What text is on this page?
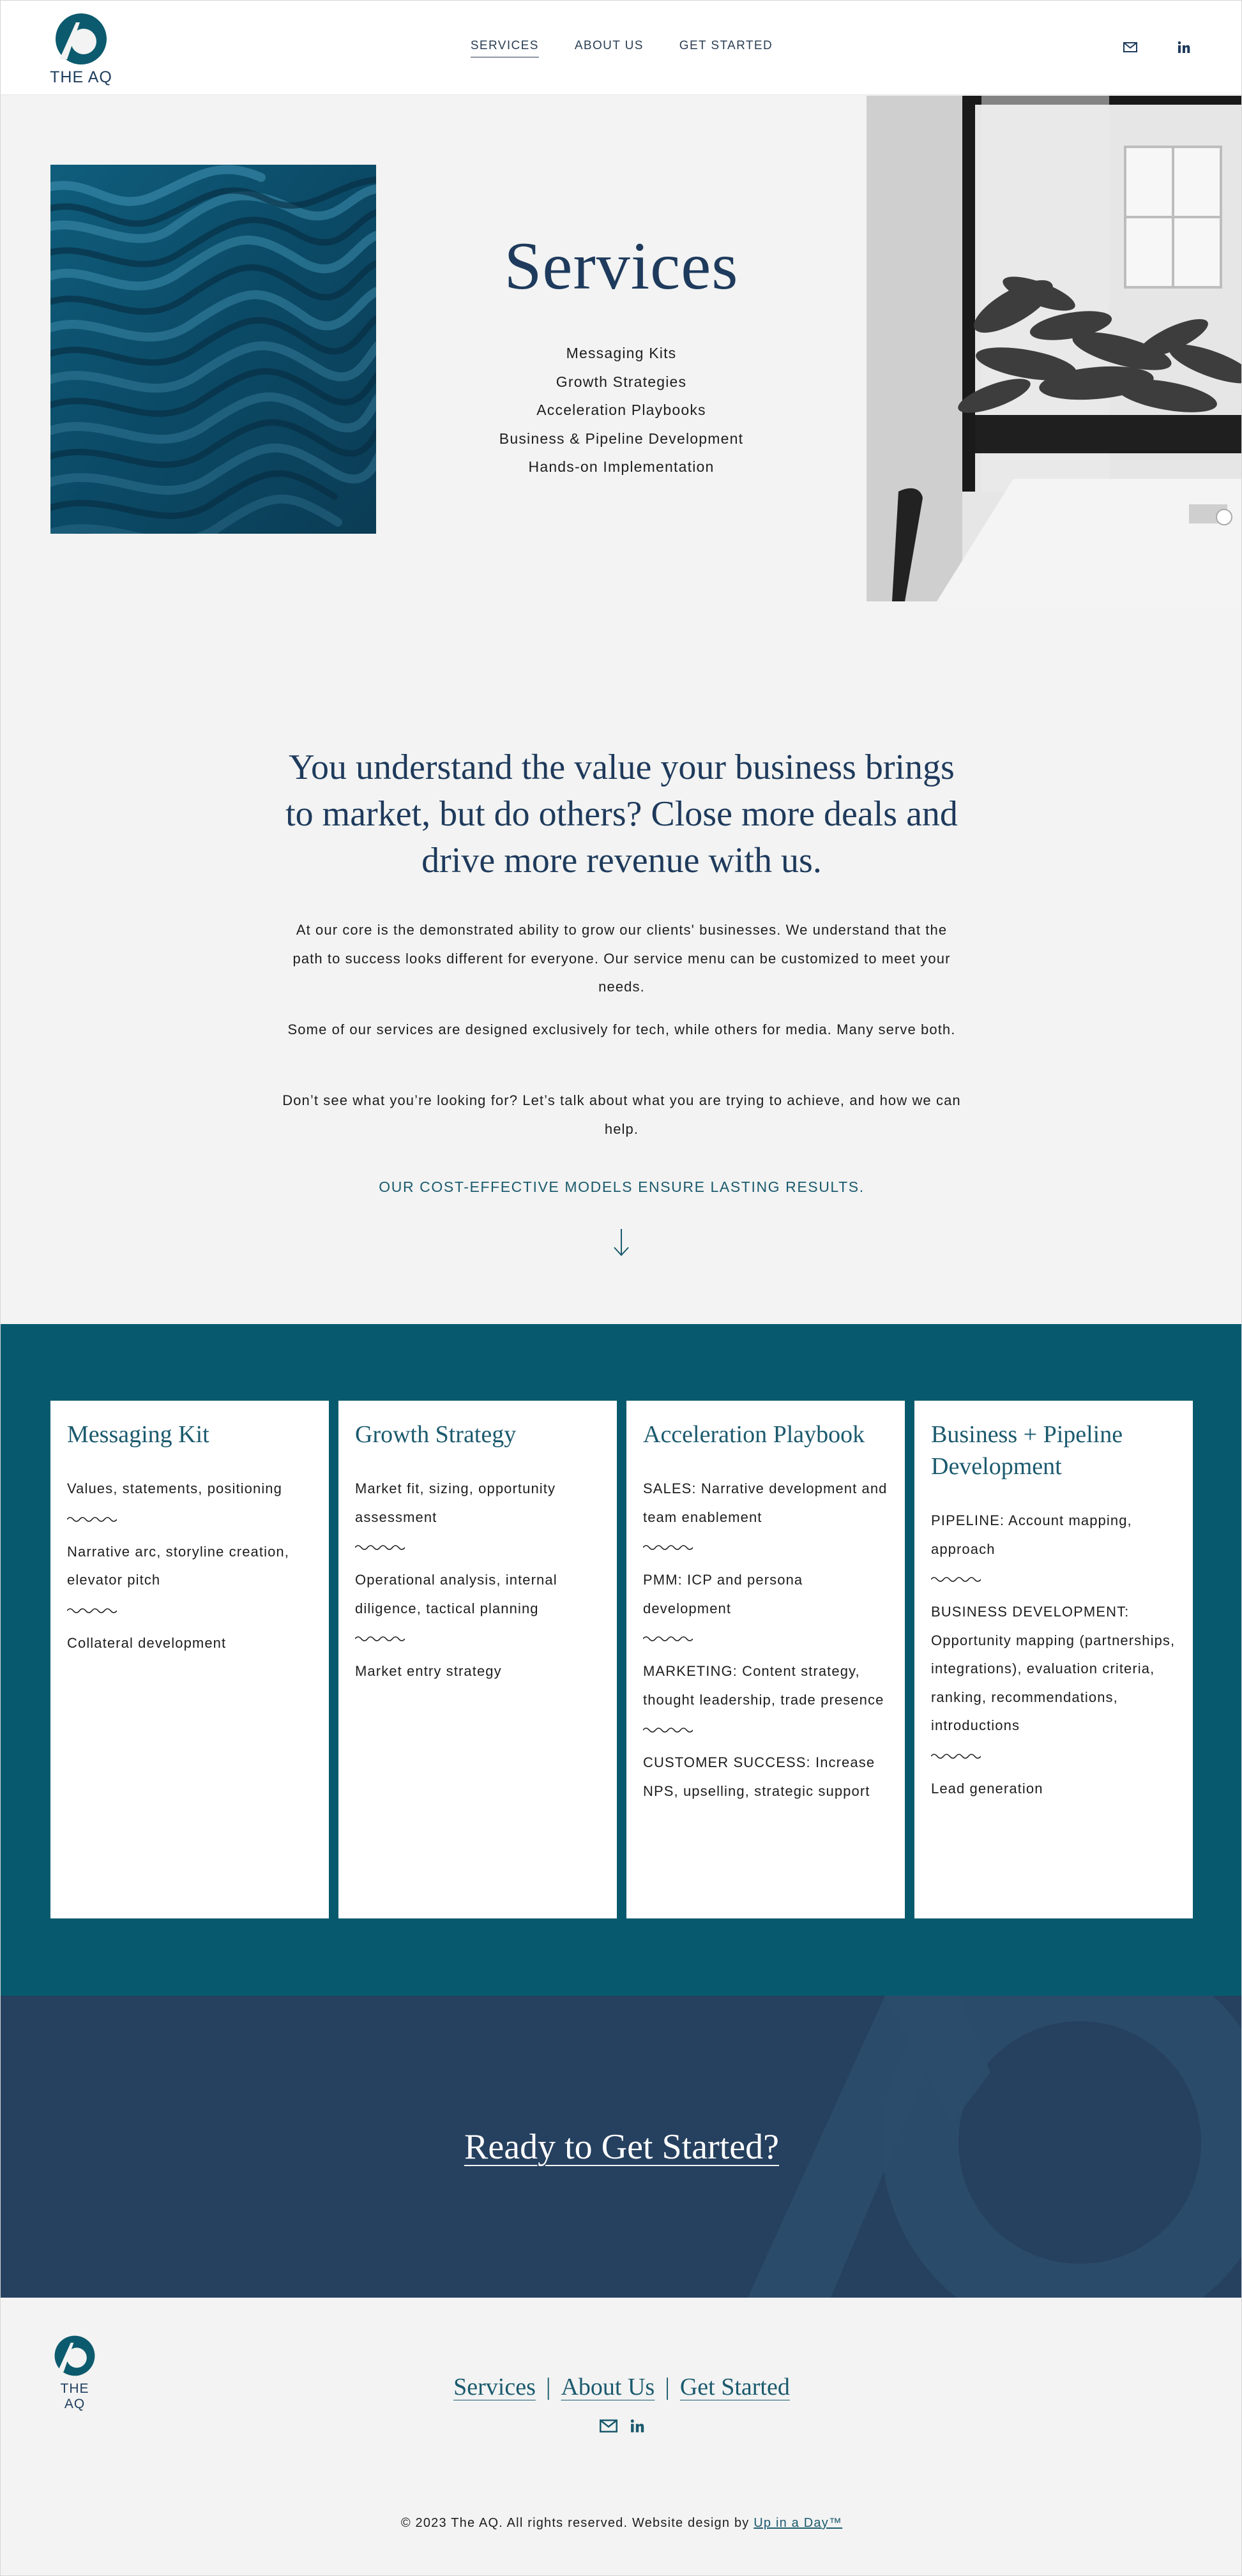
THE AQ
SERVICES	ABOUT US	GET STARTED
Services
Messaging Kits
Growth Strategies
Acceleration Playbooks
Business & Pipeline Development
Hands-on Implementation
You understand the value your business brings to market, but do others? Close more deals and drive more revenue with us.

At our core is the demonstrated ability to grow our clients' businesses. We understand that the path to success looks different for everyone. Our service menu can be customized to meet your needs.

Some of our services are designed exclusively for tech, while others for media. Many serve both.

Don’t see what you’re looking for? Let’s talk about what you are trying to achieve, and how we can help.

OUR COST-EFFECTIVE MODELS ENSURE LASTING RESULTS.
Messaging Kit

Values, statements, positioning

Narrative arc, storyline creation, elevator pitch

Collateral development

Growth Strategy

Market fit, sizing, opportunity assessment

Operational analysis, internal diligence, tactical planning

Market entry strategy

Acceleration Playbook

SALES: Narrative development and team enablement

PMM: ICP and persona development

MARKETING: Content strategy, thought leadership, trade presence

CUSTOMER SUCCESS: Increase NPS, upselling, strategic support

Business + Pipeline Development

PIPELINE: Account mapping, approach

BUSINESS DEVELOPMENT: Opportunity mapping (partnerships, integrations), evaluation criteria, ranking, recommendations, introductions

Lead generation

Ready to Get Started?
THE AQ
Services | About Us | Get Started
© 2023 The AQ. All rights reserved. Website design by Up in a Day™
